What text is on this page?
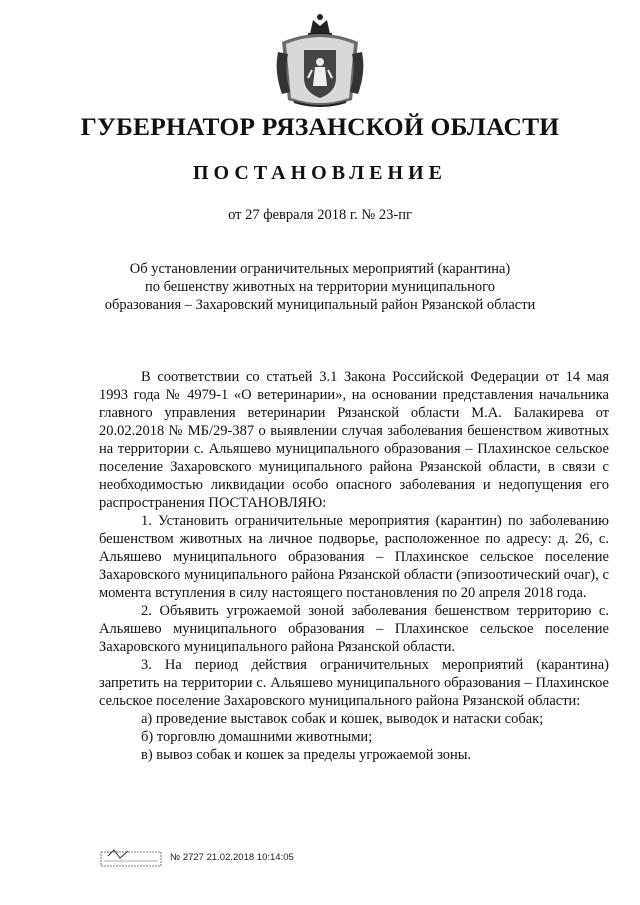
ГУБЕРНАТОР РЯЗАНСКОЙ ОБЛАСТИ
ПОСТАНОВЛЕНИЕ
от 27 февраля 2018 г. № 23-пг
Об установлении ограничительных мероприятий (карантина)
по бешенству животных на территории муниципального
образования – Захаровский муниципальный район Рязанской области

В соответствии со статьей 3.1 Закона Российской Федерации от 14 мая 1993 года № 4979-1 «О ветеринарии», на основании представления начальника главного управления ветеринарии Рязанской области М.А. Балакирева от 20.02.2018 № МБ/29-387 о выявлении случая заболевания бешенством животных на территории с. Альяшево муниципального образования – Плахинское сельское поселение Захаровского муниципального района Рязанской области, в связи с необходимостью ликвидации особо опасного заболевания и недопущения его распространения ПОСТАНОВЛЯЮ:

1. Установить ограничительные мероприятия (карантин) по заболеванию бешенством животных на личное подворье, расположенное по адресу: д. 26, с. Альяшево муниципального образования – Плахинское сельское поселение Захаровского муниципального района Рязанской области (эпизоотический очаг), с момента вступления в силу настоящего постановления по 20 апреля 2018 года.

2. Объявить угрожаемой зоной заболевания бешенством территорию с. Альяшево муниципального образования – Плахинское сельское поселение Захаровского муниципального района Рязанской области.

3. На период действия ограничительных мероприятий (карантина) запретить на территории с. Альяшево муниципального образования – Плахинское сельское поселение Захаровского муниципального района Рязанской области:

а) проведение выставок собак и кошек, выводок и натаски собак;

б) торговлю домашними животными;

в) вывоз собак и кошек за пределы угрожаемой зоны.

№ 2727 21.02.2018 10:14:05
